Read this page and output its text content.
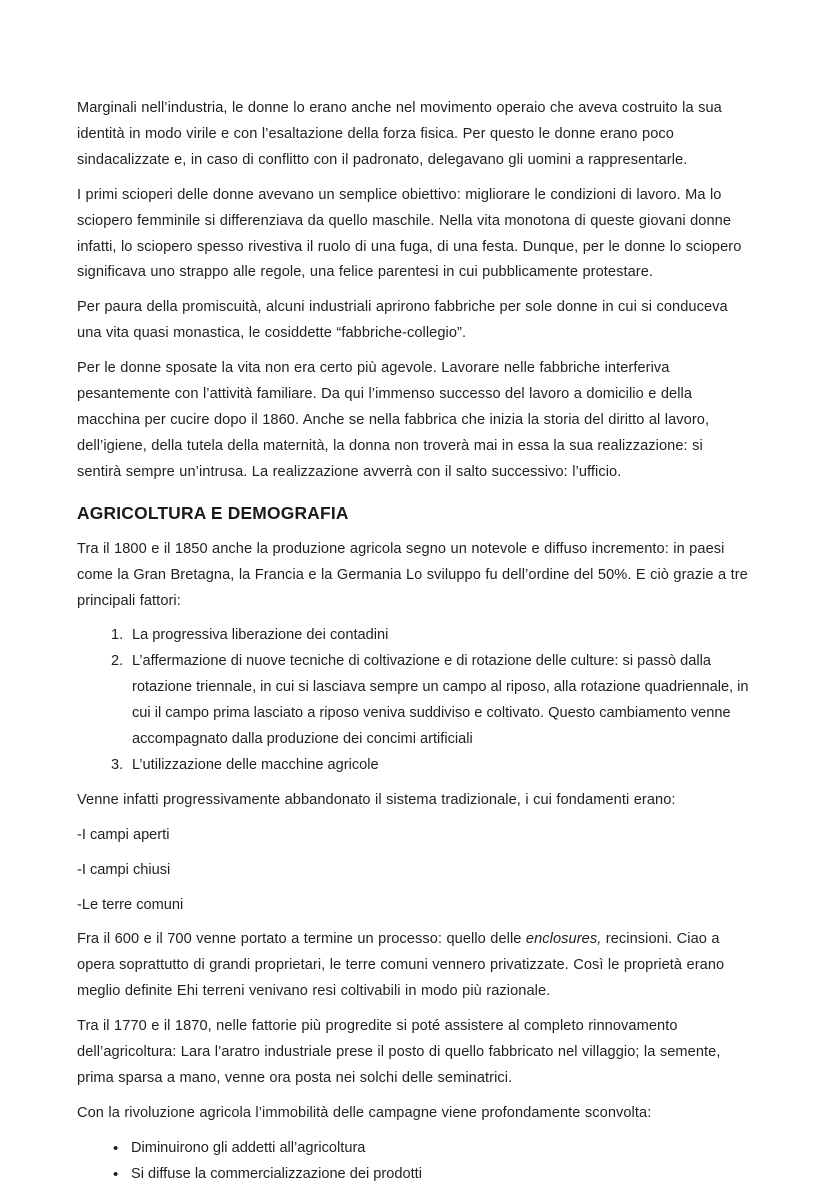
Marginali nell’industria, le donne lo erano anche nel movimento operaio che aveva costruito la sua identità in modo virile e con l’esaltazione della forza fisica. Per questo le donne erano poco sindacalizzate e, in caso di conflitto con il padronato, delegavano gli uomini a rappresentarle.

I primi scioperi delle donne avevano un semplice obiettivo: migliorare le condizioni di lavoro. Ma lo sciopero femminile si differenziava da quello maschile. Nella vita monotona di queste giovani donne infatti, lo sciopero spesso rivestiva il ruolo di una fuga, di una festa. Dunque, per le donne lo sciopero significava uno strappo alle regole, una felice parentesi in cui pubblicamente protestare.

Per paura della promiscuità, alcuni industriali aprirono fabbriche per sole donne in cui si conduceva una vita quasi monastica, le cosiddette “fabbriche-collegio”.

Per le donne sposate la vita non era certo più agevole. Lavorare nelle fabbriche interferiva pesantemente con l’attività familiare. Da qui l’immenso successo del lavoro a domicilio e della macchina per cucire dopo il 1860. Anche se nella fabbrica che inizia la storia del diritto al lavoro, dell’igiene, della tutela della maternità, la donna non troverà mai in essa la sua realizzazione: si sentirà sempre un’intrusa. La realizzazione avverrà con il salto successivo: l’ufficio.

AGRICOLTURA E DEMOGRAFIA

Tra il 1800 e il 1850 anche la produzione agricola segno un notevole e diffuso incremento: in paesi come la Gran Bretagna, la Francia e la Germania Lo sviluppo fu dell’ordine del 50%. E ciò grazie a tre principali fattori:

La progressiva liberazione dei contadini
L’affermazione di nuove tecniche di coltivazione e di rotazione delle culture: si passò dalla rotazione triennale, in cui si lasciava sempre un campo al riposo, alla rotazione quadriennale, in cui il campo prima lasciato a riposo veniva suddiviso e coltivato. Questo cambiamento venne accompagnato dalla produzione dei concimi artificiali
L’utilizzazione delle macchine agricole

Venne infatti progressivamente abbandonato il sistema tradizionale, i cui fondamenti erano:

-I campi aperti

-I campi chiusi

-Le terre comuni

Fra il 600 e il 700 venne portato a termine un processo: quello delle enclosures, recinsioni. Ciao a opera soprattutto di grandi proprietari, le terre comuni vennero privatizzate. Così le proprietà erano meglio definite Ehi terreni venivano resi coltivabili in modo più razionale.

Tra il 1770 e il 1870, nelle fattorie più progredite si poté assistere al completo rinnovamento dell’agricoltura: Lara l’aratro industriale prese il posto di quello fabbricato nel villaggio; la semente, prima sparsa a mano, venne ora posta nei solchi delle seminatrici.

Con la rivoluzione agricola l’immobilità delle campagne viene profondamente sconvolta:

• Diminuirono gli addetti all’agricoltura
• Si diffuse la commercializzazione dei prodotti
